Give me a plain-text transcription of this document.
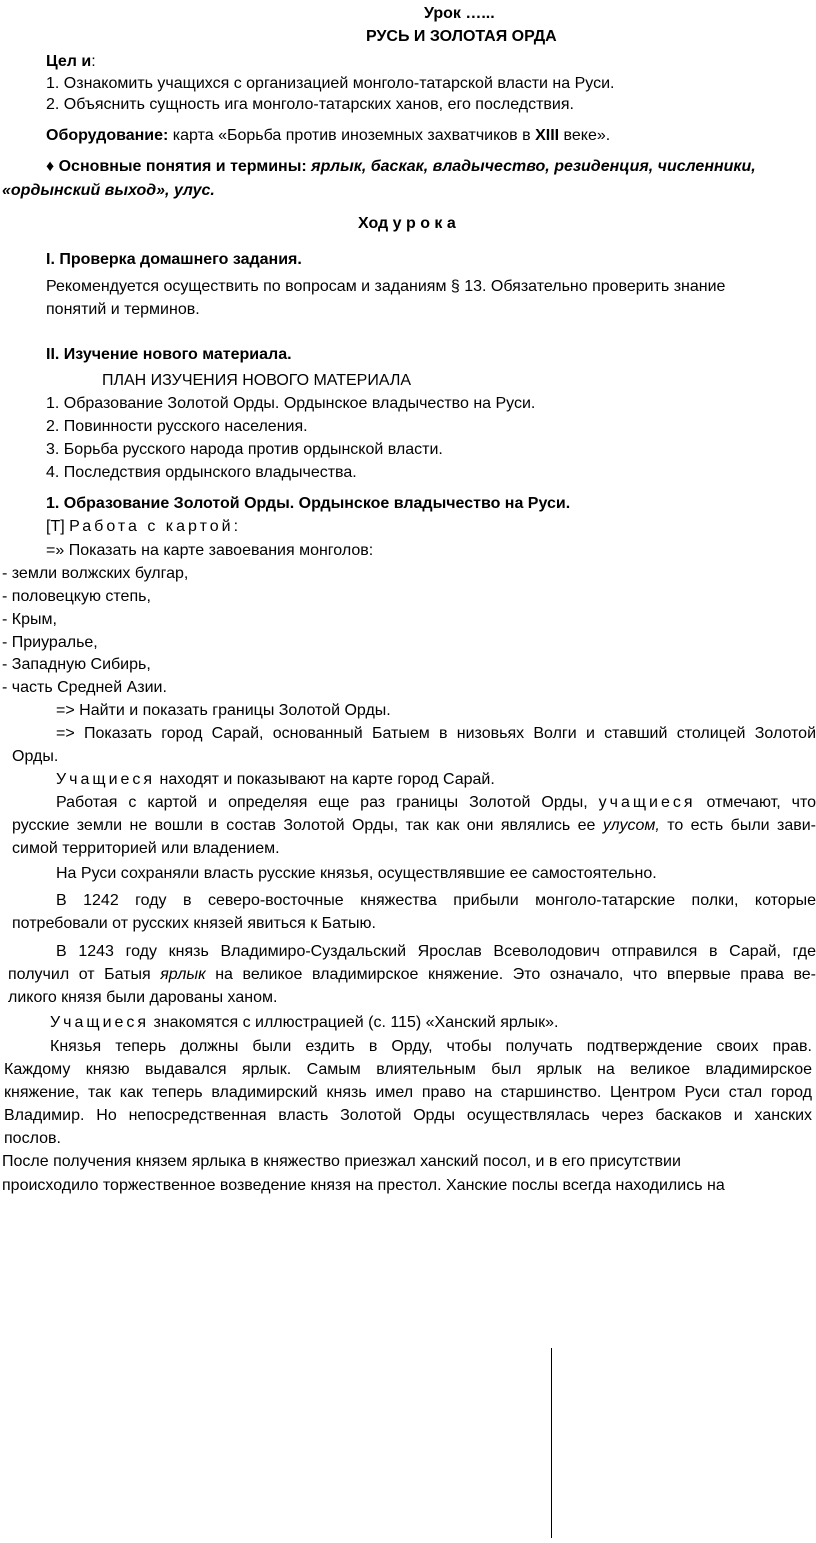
Урок …...
РУСЬ И ЗОЛОТАЯ ОРДА
Цел и:
1. Ознакомить учащихся с организацией монголо-татарской власти на Руси.
2. Объяснить сущность ига монголо-татарских ханов, его последствия.
Оборудование: карта «Борьба против иноземных захватчиков в XIII веке».
♦ Основные понятия и термины: ярлык, баскак, владычество, резиденция, численники,
«ордынский выход», улус.
Ход у р о к а
I. Проверка домашнего задания.
Рекомендуется осуществить по вопросам и заданиям § 13. Обязательно проверить знание
понятий и терминов.
II. Изучение нового материала.
ПЛАН ИЗУЧЕНИЯ НОВОГО МАТЕРИАЛА
1. Образование Золотой Орды. Ордынское владычество на Руси.
2. Повинности русского населения.
3. Борьба русского народа против ордынской власти.
4. Последствия ордынского владычества.
1. Образование Золотой Орды. Ордынское владычество на Руси.
[Т] Работа с картой:
=» Показать на карте завоевания монголов:
- земли волжских булгар,
- половецкую степь,
- Крым,
- Приуралье,
- Западную Сибирь,
- часть Средней Азии.
=> Найти и показать границы Золотой Орды.
=> Показать город Сарай, основанный Батыем в низовьях Волги и ставший столицей Золотой
Орды.
Учащиеся находят и показывают на карте город Сарай.
Работая с картой и определяя еще раз границы Золотой Орды, учащиеся отмечают, что
русские земли не вошли в состав Золотой Орды, так как они являлись ее улусом, то есть были зави-
симой территорией или владением.
На Руси сохраняли власть русские князья, осуществлявшие ее самостоятельно.
В 1242 году в северо-восточные княжества прибыли монголо-татарские полки, которые
потребовали от русских князей явиться к Батыю.
В 1243 году князь Владимиро-Суздальский Ярослав Всеволодович отправился в Сарай, где
получил от Батыя ярлык на великое владимирское княжение. Это означало, что впервые права ве-
ликого князя были дарованы ханом.
Учащиеся знакомятся с иллюстрацией (с. 115) «Ханский ярлык».
Князья теперь должны были ездить в Орду, чтобы получать подтверждение своих прав.
Каждому князю выдавался ярлык. Самым влиятельным был ярлык на великое владимирское
княжение, так как теперь владимирский князь имел право на старшинство. Центром Руси стал город
Владимир. Но непосредственная власть Золотой Орды осуществлялась через баскаков и ханских
послов.
После получения князем ярлыка в княжество приезжал ханский посол, и в его присутствии
происходило торжественное возведение князя на престол. Ханские послы всегда находились на
